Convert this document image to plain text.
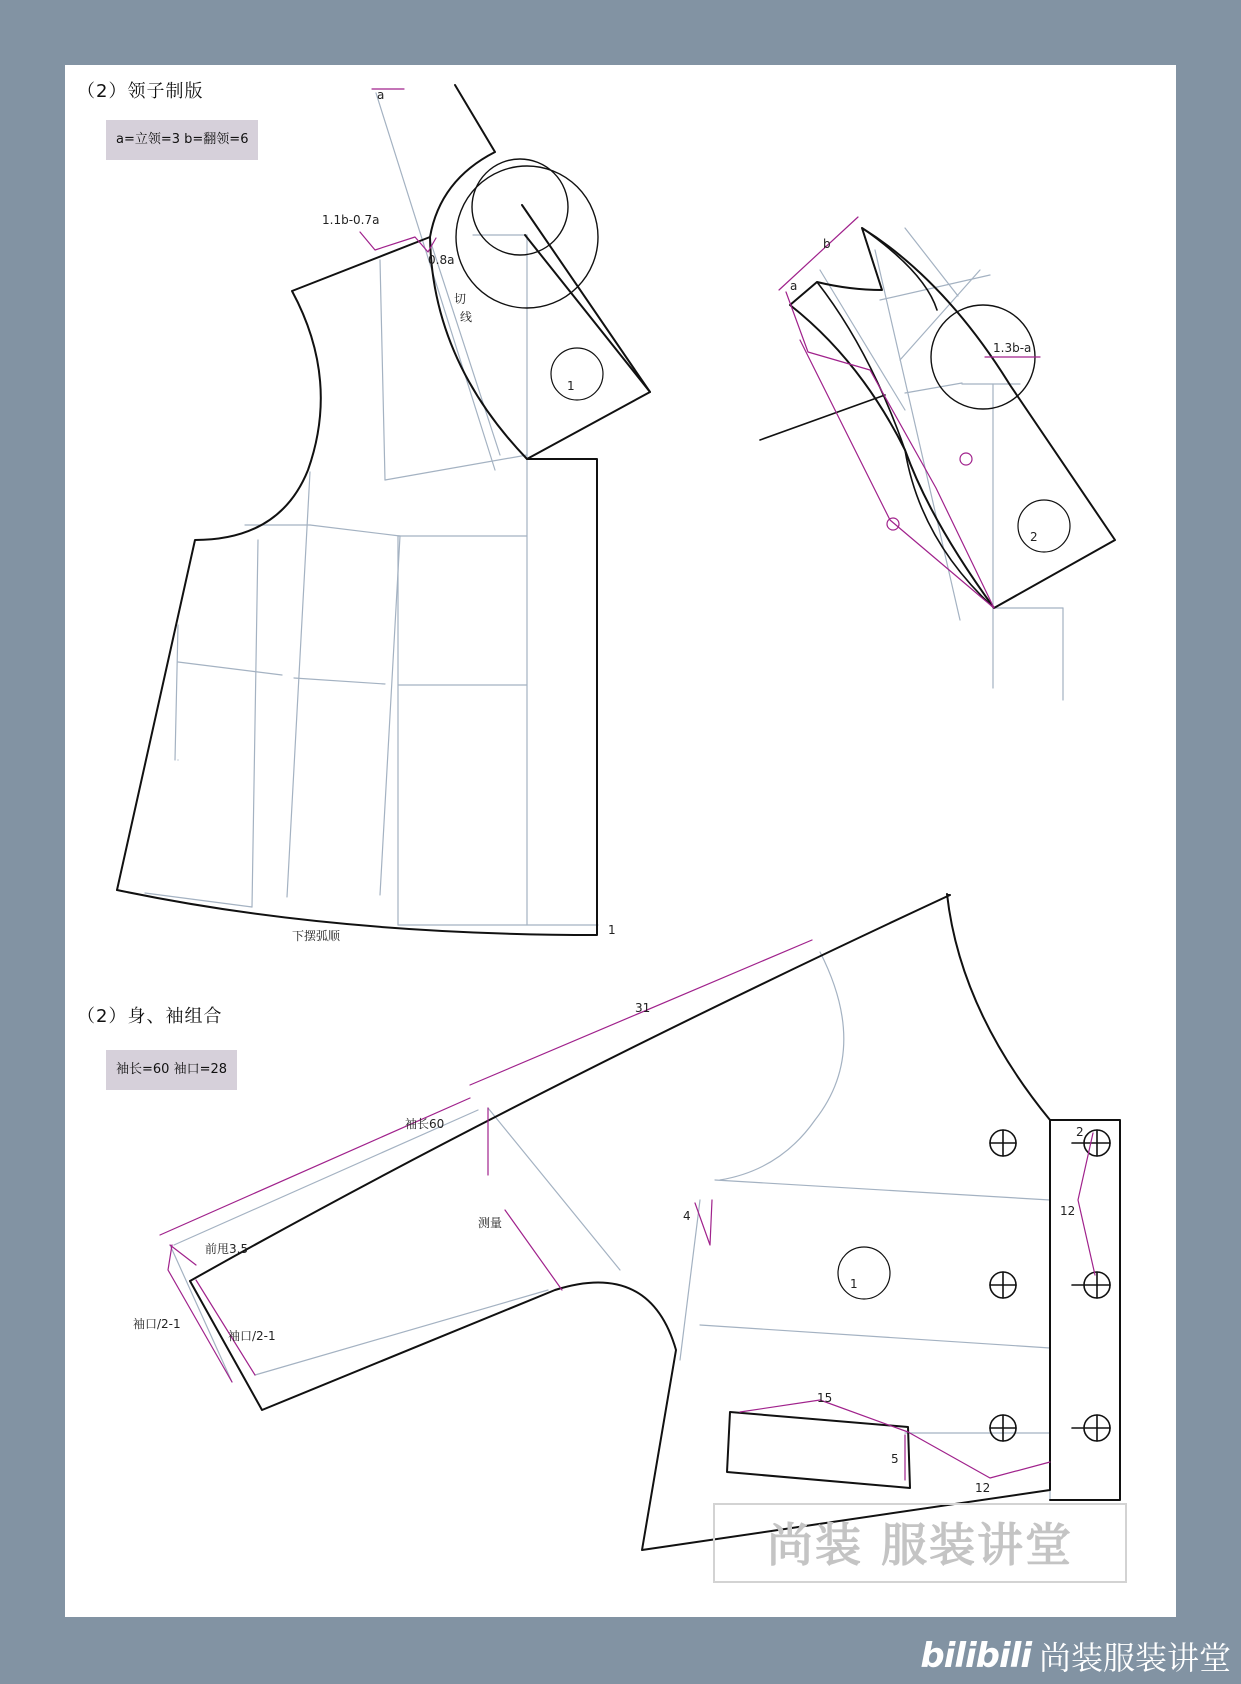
a
1.1b-0.7a
0.8a
切
线
1
下摆弧顺	1
a
b
1.3b-a
2
31
袖长60
前甩3.5
测量	4
袖口/2-1
袖口/2-1
1
2
12
15
5
12
（2）领子制版
a=立领=3 b=翻领=6
（2）身、袖组合
袖长=60 袖口=28
尚装 服装讲堂
bilibili 尚装服装讲堂
